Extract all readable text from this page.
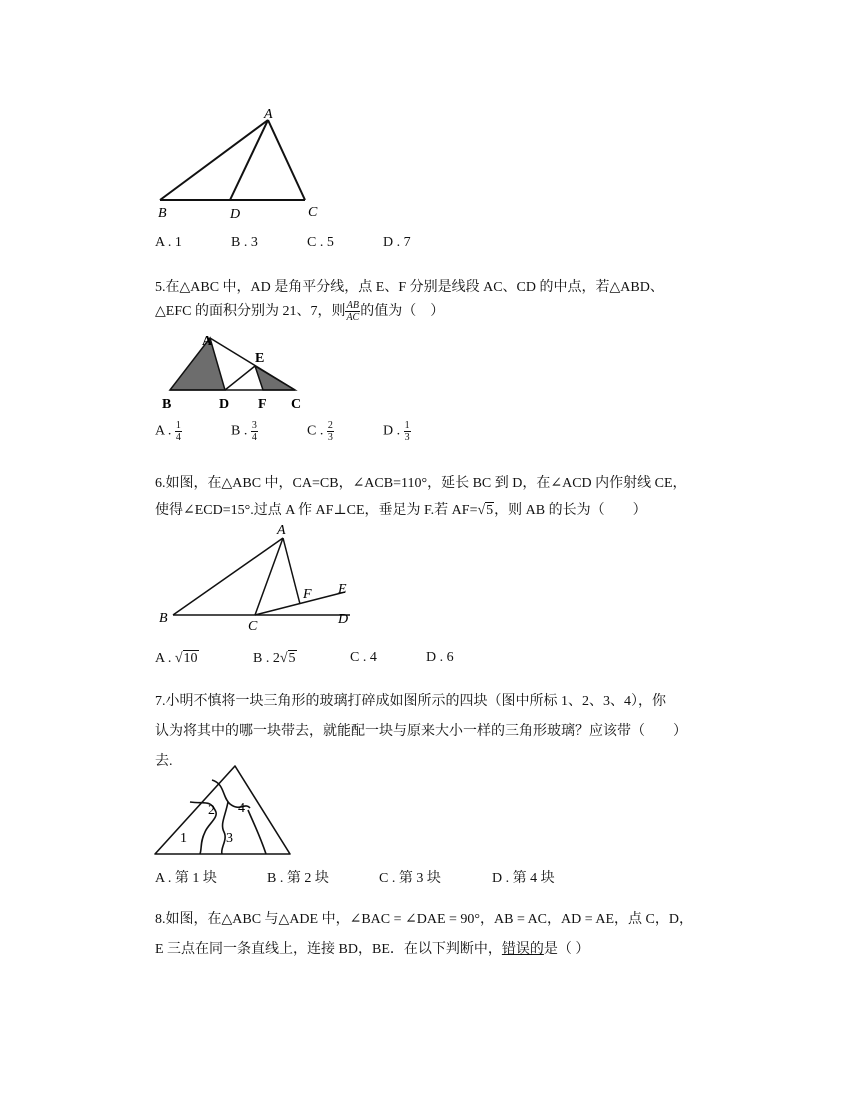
A
B	D	C
A . 1	B . 3	C . 5	D . 7
5.在△ABC 中，AD 是角平分线，点 E、F 分别是线段 AC、CD 的中点，若△ABD、
△EFC 的面积分别为 21、7，则 $\frac{AB}{AC}$ 的值为（　）
A
E
B	D F C
A . $\frac{1}{4}$	B . $\frac{3}{4}$	C . $\frac{2}{3}$	D . $\frac{1}{3}$
6.如图，在△ABC 中，CA=CB，∠ACB=110°，延长 BC 到 D，在∠ACD 内作射线 CE，
使得∠ECD=15°.过点 A 作 AF⊥CE，垂足为 F.若 AF=√5，则 AB 的长为（　　）
A
F E
B
C	D
A . √10	B . 2√5	C . 4	D . 6
7.小明不慎将一块三角形的玻璃打碎成如图所示的四块（图中所标 1、2、3、4），你
认为将其中的哪一块带去，就能配一块与原来大小一样的三角形玻璃？应该带（　　）
去.
1
2
3
4
A . 第 1 块	B . 第 2 块	C . 第 3 块	D . 第 4 块
8.如图，在△ABC 与△ADE 中，∠BAC = ∠DAE = 90°，AB = AC，AD = AE，点 C，D，
E 三点在同一条直线上，连接 BD，BE．在以下判断中，错误的是（ ）
